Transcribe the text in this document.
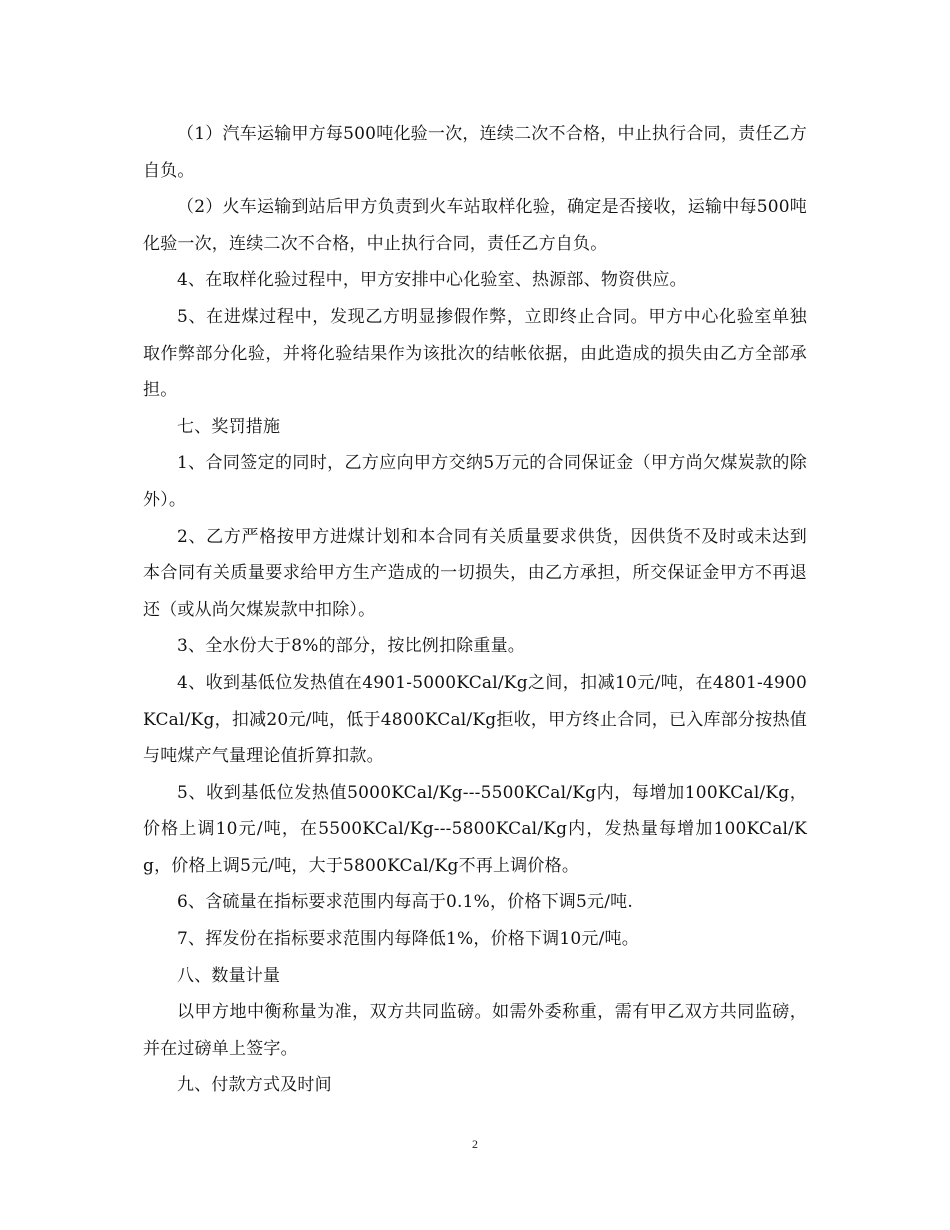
（1）汽车运输甲方每500吨化验一次，连续二次不合格，中止执行合同，责任乙方自负。

（2）火车运输到站后甲方负责到火车站取样化验，确定是否接收，运输中每500吨化验一次，连续二次不合格，中止执行合同，责任乙方自负。

4、在取样化验过程中，甲方安排中心化验室、热源部、物资供应。

5、在进煤过程中，发现乙方明显掺假作弊，立即终止合同。甲方中心化验室单独取作弊部分化验，并将化验结果作为该批次的结帐依据，由此造成的损失由乙方全部承担。

七、奖罚措施

1、合同签定的同时，乙方应向甲方交纳5万元的合同保证金（甲方尚欠煤炭款的除外）。

2、乙方严格按甲方进煤计划和本合同有关质量要求供货，因供货不及时或未达到本合同有关质量要求给甲方生产造成的一切损失，由乙方承担，所交保证金甲方不再退还（或从尚欠煤炭款中扣除）。

3、全水份大于8%的部分，按比例扣除重量。

4、收到基低位发热值在4901-5000KCal/Kg之间，扣减10元/吨，在4801-4900KCal/Kg，扣减20元/吨，低于4800KCal/Kg拒收，甲方终止合同，已入库部分按热值与吨煤产气量理论值折算扣款。

5、收到基低位发热值5000KCal/Kg---5500KCal/Kg内，每增加100KCal/Kg，价格上调10元/吨，在5500KCal/Kg---5800KCal/Kg内，发热量每增加100KCal/Kg，价格上调5元/吨，大于5800KCal/Kg不再上调价格。

6、含硫量在指标要求范围内每高于0.1%，价格下调5元/吨.

7、挥发份在指标要求范围内每降低1%，价格下调10元/吨。

八、数量计量

以甲方地中衡称量为准，双方共同监磅。如需外委称重，需有甲乙双方共同监磅，并在过磅单上签字。

九、付款方式及时间

2
